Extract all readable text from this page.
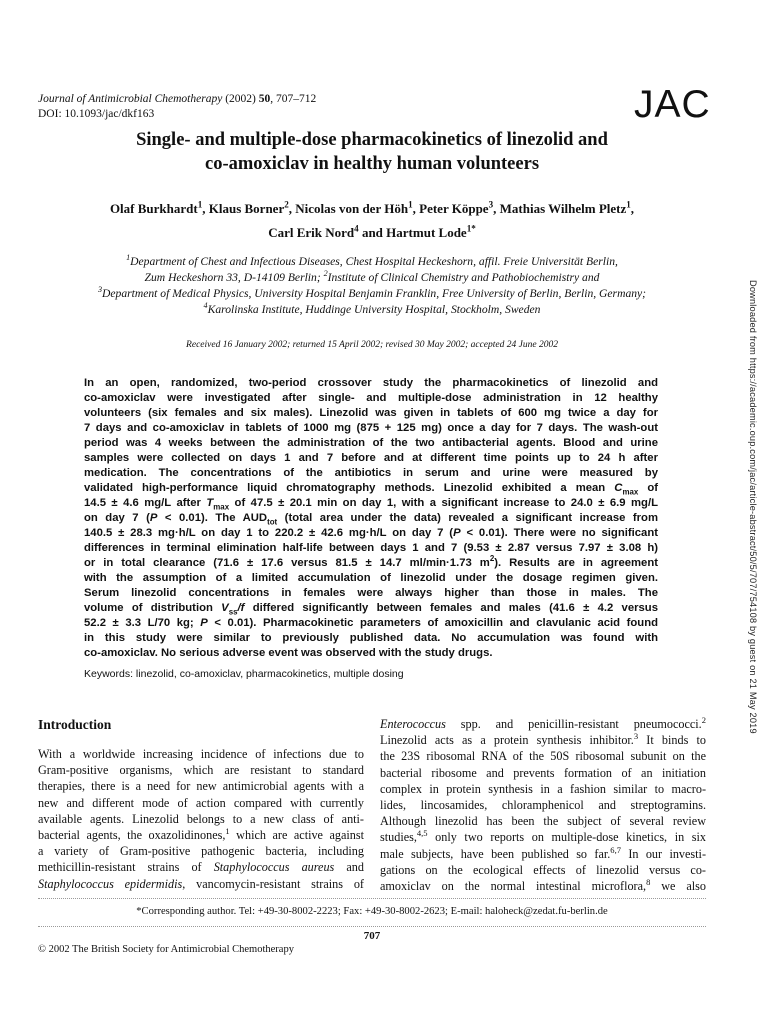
Journal of Antimicrobial Chemotherapy (2002) 50, 707–712
DOI: 10.1093/jac/dkf163	JAC
Single- and multiple-dose pharmacokinetics of linezolid and
co-amoxiclav in healthy human volunteers
Olaf Burkhardt$^1$, Klaus Borner$^2$, Nicolas von der Höh$^1$, Peter Köppe$^3$, Mathias Wilhelm Pletz$^1$,
Carl Erik Nord$^4$ and Hartmut Lode$^{1*}$
$^1$Department of Chest and Infectious Diseases, Chest Hospital Heckeshorn, affil. Freie Universität Berlin,
Zum Heckeshorn 33, D-14109 Berlin; $^2$Institute of Clinical Chemistry and Pathobiochemistry and
$^3$Department of Medical Physics, University Hospital Benjamin Franklin, Free University of Berlin, Berlin, Germany;
$^4$Karolinska Institute, Huddinge University Hospital, Stockholm, Sweden
Received 16 January 2002; returned 15 April 2002; revised 30 May 2002; accepted 24 June 2002
In an open, randomized, two-period crossover study the pharmacokinetics of linezolid and
co-amoxiclav were investigated after single- and multiple-dose administration in 12 healthy
volunteers (six females and six males). Linezolid was given in tablets of 600 mg twice a day for
7 days and co-amoxiclav in tablets of 1000 mg (875 + 125 mg) once a day for 7 days. The wash-out
period was 4 weeks between the administration of the two antibacterial agents. Blood and urine
samples were collected on days 1 and 7 before and at different time points up to 24 h after
medication. The concentrations of the antibiotics in serum and urine were measured by
validated high-performance liquid chromatography methods. Linezolid exhibited a mean $C_{max}$ of
14.5 ± 4.6 mg/L after $T_{max}$ of 47.5 ± 20.1 min on day 1, with a significant increase to 24.0 ± 6.9 mg/L
on day 7 (P < 0.01). The $AUD_{tot}$ (total area under the data) revealed a significant increase from
140.5 ± 28.3 mg·h/L on day 1 to 220.2 ± 42.6 mg·h/L on day 7 (P < 0.01). There were no significant
differences in terminal elimination half-life between days 1 and 7 (9.53 ± 2.87 versus 7.97 ± 3.08 h)
or in total clearance (71.6 ± 17.6 versus 81.5 ± 14.7 ml/min·1.73 $m^2$). Results are in agreement
with the assumption of a limited accumulation of linezolid under the dosage regimen given.
Serum linezolid concentrations in females were always higher than those in males. The
volume of distribution $V_{ss}/f$ differed significantly between females and males (41.6 ± 4.2 versus
52.2 ± 3.3 L/70 kg; P < 0.01). Pharmacokinetic parameters of amoxicillin and clavulanic acid found
in this study were similar to previously published data. No accumulation was found with
co-amoxiclav. No serious adverse event was observed with the study drugs.
Keywords: linezolid, co-amoxiclav, pharmacokinetics, multiple dosing	Downloaded from https://academic.oup.com/jac/article-abstract/50/5/707/754108 by guest on 21 May 2019
Introduction
With a worldwide increasing incidence of infections due to
Gram-positive organisms, which are resistant to standard
therapies, there is a need for new antimicrobial agents with a
new and different mode of action compared with currently
available agents. Linezolid belongs to a new class of anti-
bacterial agents, the oxazolidinones,$^1$ which are active against
a variety of Gram-positive pathogenic bacteria, including
methicillin-resistant strains of Staphylococcus aureus and
Staphylococcus epidermidis, vancomycin-resistant strains of
Enterococcus spp. and penicillin-resistant pneumococci.$^2$
Linezolid acts as a protein synthesis inhibitor.$^3$ It binds to
the 23S ribosomal RNA of the 50S ribosomal subunit on the
bacterial ribosome and prevents formation of an initiation
complex in protein synthesis in a fashion similar to macro-
lides, lincosamides, chloramphenicol and streptogramins.
Although linezolid has been the subject of several review
studies,$^{4,5}$ only two reports on multiple-dose kinetics, in six
male subjects, have been published so far.$^{6,7}$ In our investi-
gations on the ecological effects of linezolid versus co-
amoxiclav on the normal intestinal microflora,$^8$ we also
*Corresponding author. Tel: +49-30-8002-2223; Fax: +49-30-8002-2623; E-mail: haloheck@zedat.fu-berlin.de
707
© 2002 The British Society for Antimicrobial Chemotherapy
